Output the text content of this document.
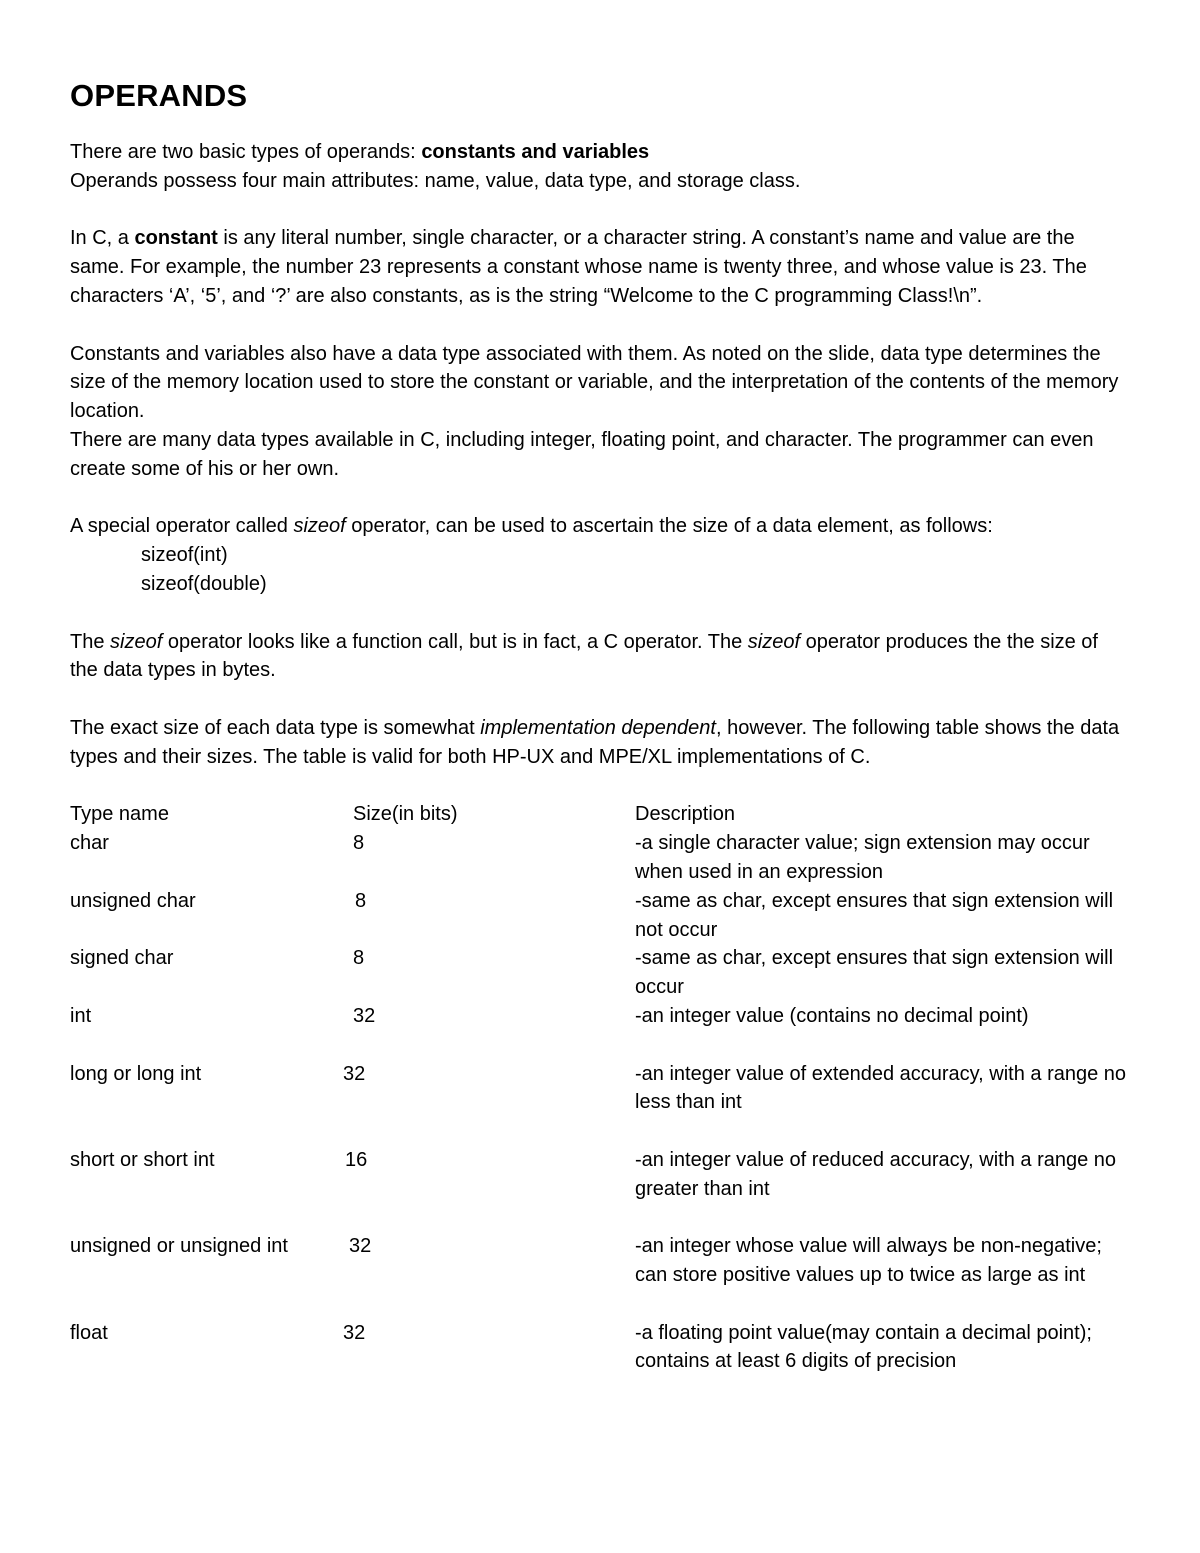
OPERANDS

There are two basic types of operands: constants and variables

Operands possess four main attributes: name, value, data type, and storage class.

In C, a constant is any literal number, single character, or a character string. A constant’s name and value are the same. For example, the number 23 represents a constant whose name is twenty three, and whose value is 23. The characters ‘A’, ‘5’, and ‘?’ are also constants, as is the string “Welcome to the C programming Class!\n”.

Constants and variables also have a data type associated with them. As noted on the slide, data type determines the size of the memory location used to store the constant or variable, and the interpretation of the contents of the memory location.

There are many data types available in C, including integer, floating point, and character. The programmer can even create some of his or her own.

A special operator called sizeof operator, can be used to ascertain the size of a data element, as follows:

sizeof(int)

sizeof(double)

The sizeof operator looks like a function call, but is in fact, a C operator. The sizeof operator produces the the size of the data types in bytes.

The exact size of each data type is somewhat implementation dependent, however. The following table shows the data types and their sizes. The table is valid for both HP-UX and MPE/XL implementations of C.

Type name	Size(in bits)	Description
char	8	-a single character value; sign extension may occur when used in an expression
unsigned char	8	-same as char, except ensures that sign extension will not occur
signed char	8	-same as char, except ensures that sign extension will occur
int	32	-an integer value (contains no decimal point)
long or long int	32	-an integer value of extended accuracy, with a range no less than int
short or short int	16	-an integer value of reduced accuracy, with a range no greater than int
unsigned or unsigned int	32	-an integer whose value will always be non-negative; can store positive values up to twice as large as int
float	32	-a floating point value(may contain a decimal point); contains at least 6 digits of precision
